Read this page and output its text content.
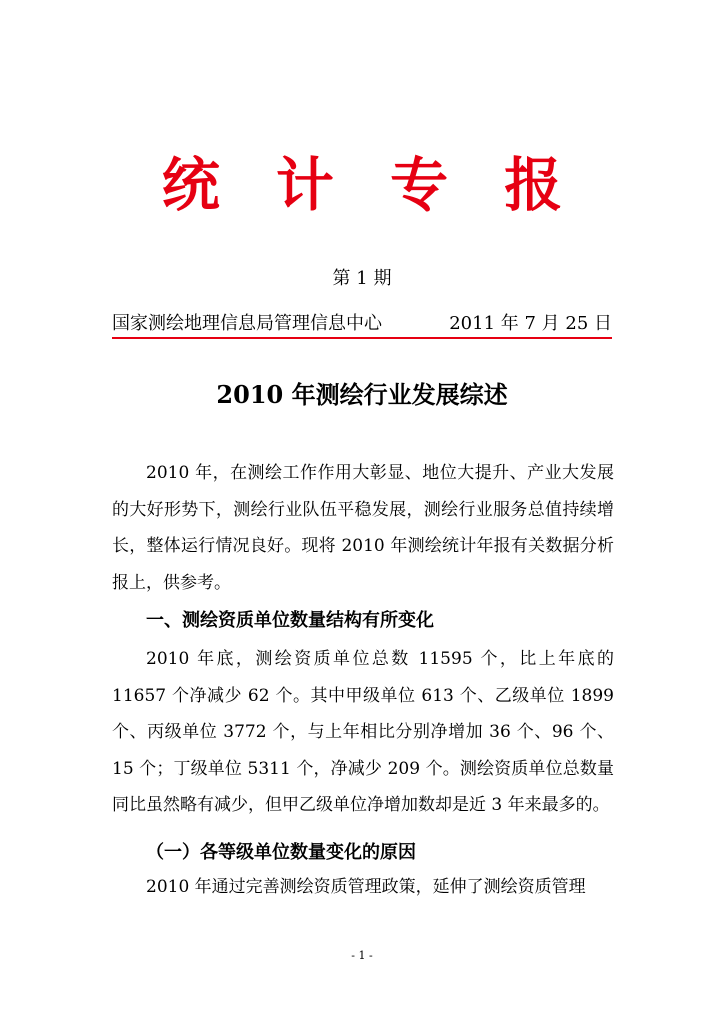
统 计 专 报
第 1 期
国家测绘地理信息局管理信息中心	2011 年 7 月 25 日
2010 年测绘行业发展综述

2010 年，在测绘工作作用大彰显、地位大提升、产业大发展的大好形势下，测绘行业队伍平稳发展，测绘行业服务总值持续增长，整体运行情况良好。现将 2010 年测绘统计年报有关数据分析报上，供参考。

一、测绘资质单位数量结构有所变化

2010 年底，测绘资质单位总数 11595 个，比上年底的 11657 个净减少 62 个。其中甲级单位 613 个、乙级单位 1899 个、丙级单位 3772 个，与上年相比分别净增加 36 个、96 个、15 个；丁级单位 5311 个，净减少 209 个。测绘资质单位总数量同比虽然略有减少，但甲乙级单位净增加数却是近 3 年来最多的。

（一）各等级单位数量变化的原因

2010 年通过完善测绘资质管理政策，延伸了测绘资质管理

- 1 -
